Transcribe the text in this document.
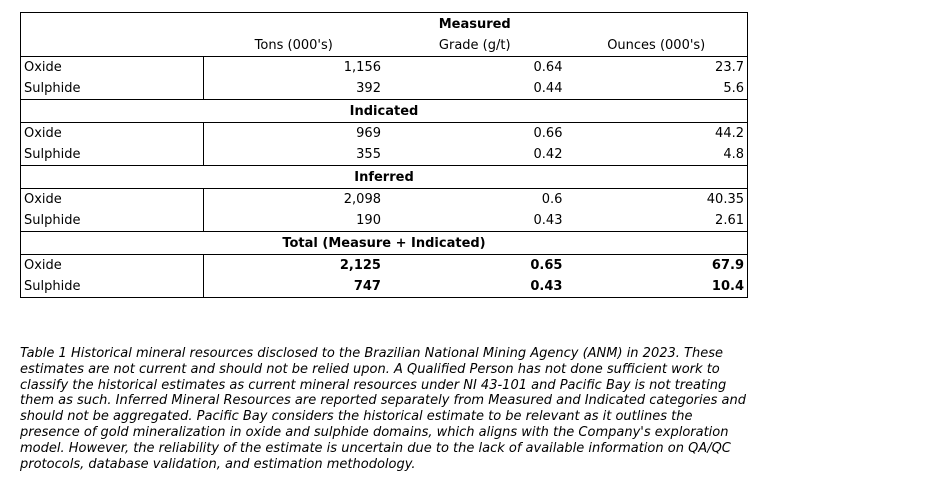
		Measured	
	Tons (000's)	Grade (g/t)	Ounces (000's)
Oxide	1,156	0.64	23.7
Sulphide	392	0.44	5.6
Indicated			
Oxide	969	0.66	44.2
Sulphide	355	0.42	4.8
Inferred			
Oxide	2,098	0.6	40.35
Sulphide	190	0.43	2.61
Total (Measure + Indicated)			
Oxide	2,125	0.65	67.9
Sulphide	747	0.43	10.4

Table 1 Historical mineral resources disclosed to the Brazilian National Mining Agency (ANM) in 2023. These estimates are not current and should not be relied upon. A Qualified Person has not done sufficient work to classify the historical estimates as current mineral resources under NI 43-101 and Pacific Bay is not treating them as such. Inferred Mineral Resources are reported separately from Measured and Indicated categories and should not be aggregated. Pacific Bay considers the historical estimate to be relevant as it outlines the presence of gold mineralization in oxide and sulphide domains, which aligns with the Company's exploration model. However, the reliability of the estimate is uncertain due to the lack of available information on QA/QC protocols, database validation, and estimation methodology.
